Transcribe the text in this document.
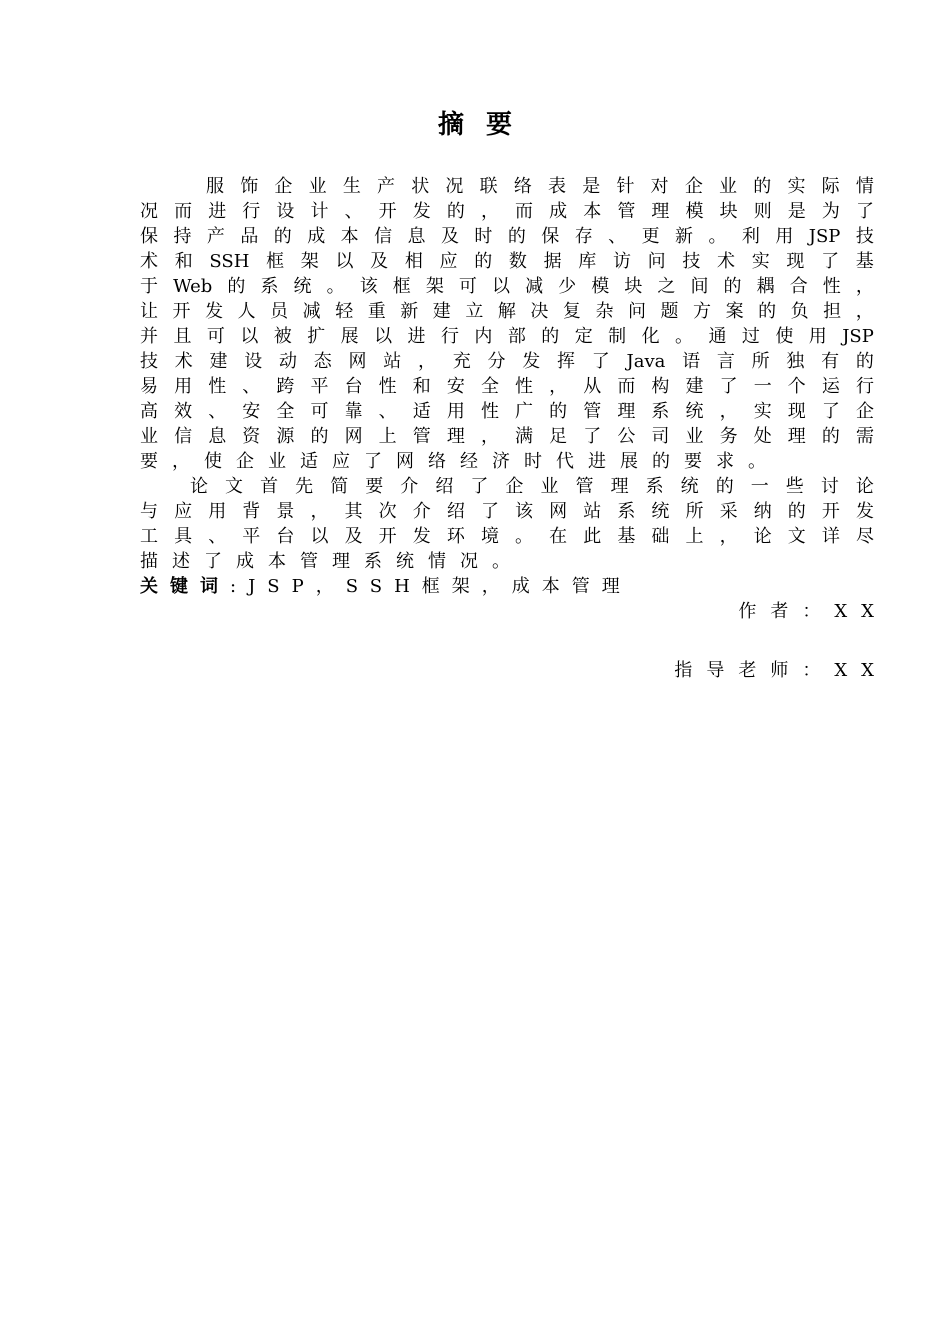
摘要
服 饰 企 业 生 产 状 况 联 络 表 是 针 对 企 业 的 实 际 情
况 而 进 行 设 计 、 开 发 的 ， 而 成 本 管 理 模 块 则 是 为 了
保 持 产 品 的 成 本 信 息 及 时 的 保 存 、 更 新 。 利 用 JSP 技
术 和 SSH 框 架 以 及 相 应 的 数 据 库 访 问 技 术 实 现 了 基
于 Web 的 系 统 。 该 框 架 可 以 减 少 模 块 之 间 的 耦 合 性 ，
让 开 发 人 员 减 轻 重 新 建 立 解 决 复 杂 问 题 方 案 的 负 担 ，
并 且 可 以 被 扩 展 以 进 行 内 部 的 定 制 化 。 通 过 使 用 JSP
技 术 建 设 动 态 网 站 ， 充 分 发 挥 了 Java 语 言 所 独 有 的
易 用 性 、 跨 平 台 性 和 安 全 性 ， 从 而 构 建 了 一 个 运 行
高 效 、 安 全 可 靠 、 适 用 性 广 的 管 理 系 统 ， 实 现 了 企
业 信 息 资 源 的 网 上 管 理 ， 满 足 了 公 司 业 务 处 理 的 需
要 ， 使 企 业 适 应 了 网 络 经 济 时 代 进 展 的 要 求 。
论 文 首 先 简 要 介 绍 了 企 业 管 理 系 统 的 一 些 讨 论
与 应 用 背 景 ， 其 次 介 绍 了 该 网 站 系 统 所 采 纳 的 开 发
工 具 、 平 台 以 及 开 发 环 境 。 在 此 基 础 上 ， 论 文 详 尽
描 述 了 成 本 管 理 系 统 情 况 。
关键词 :JSP，SSH框架，成本管理
作者：XX
指导老师：XX
